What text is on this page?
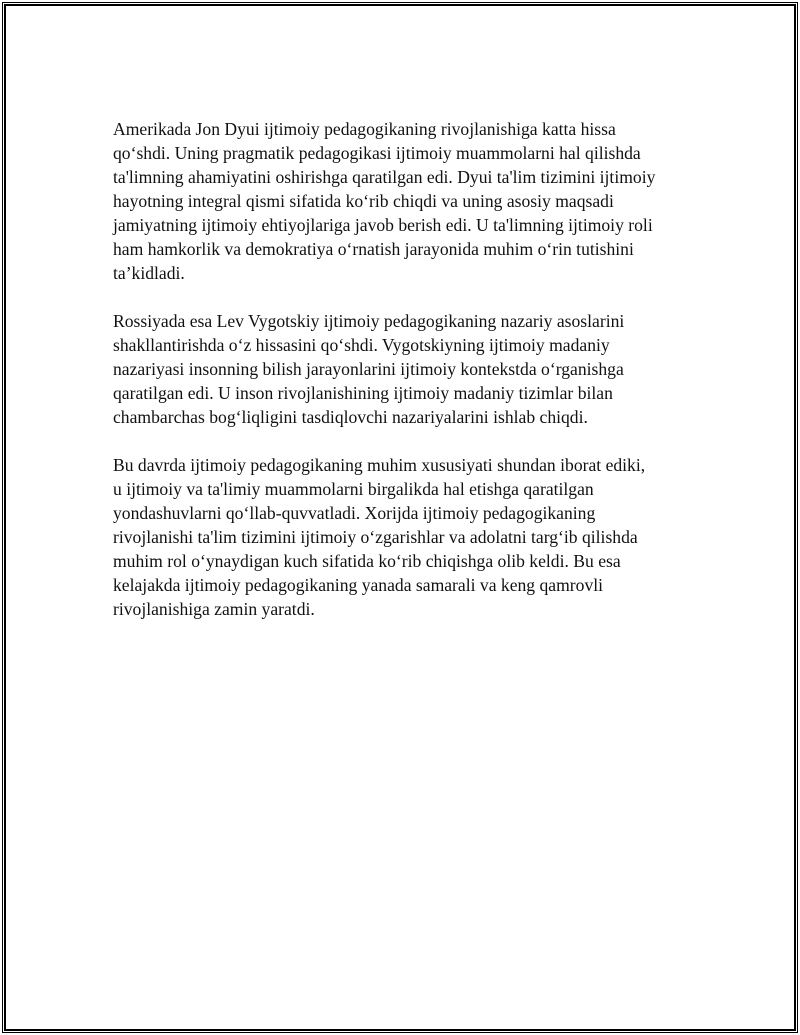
Amerikada Jon Dyui ijtimoiy pedagogikaning rivojlanishiga katta hissa
qo‘shdi. Uning pragmatik pedagogikasi ijtimoiy muammolarni hal qilishda
ta'limning ahamiyatini oshirishga qaratilgan edi. Dyui ta'lim tizimini ijtimoiy
hayotning integral qismi sifatida ko‘rib chiqdi va uning asosiy maqsadi
jamiyatning ijtimoiy ehtiyojlariga javob berish edi. U ta'limning ijtimoiy roli
ham hamkorlik va demokratiya o‘rnatish jarayonida muhim o‘rin tutishini
ta’kidladi.

Rossiyada esa Lev Vygotskiy ijtimoiy pedagogikaning nazariy asoslarini
shakllantirishda o‘z hissasini qo‘shdi. Vygotskiyning ijtimoiy madaniy
nazariyasi insonning bilish jarayonlarini ijtimoiy kontekstda o‘rganishga
qaratilgan edi. U inson rivojlanishining ijtimoiy madaniy tizimlar bilan
chambarchas bog‘liqligini tasdiqlovchi nazariyalarini ishlab chiqdi.

Bu davrda ijtimoiy pedagogikaning muhim xususiyati shundan iborat ediki,
u ijtimoiy va ta'limiy muammolarni birgalikda hal etishga qaratilgan
yondashuvlarni qo‘llab-quvvatladi. Xorijda ijtimoiy pedagogikaning
rivojlanishi ta'lim tizimini ijtimoiy o‘zgarishlar va adolatni targ‘ib qilishda
muhim rol o‘ynaydigan kuch sifatida ko‘rib chiqishga olib keldi. Bu esa
kelajakda ijtimoiy pedagogikaning yanada samarali va keng qamrovli
rivojlanishiga zamin yaratdi.
